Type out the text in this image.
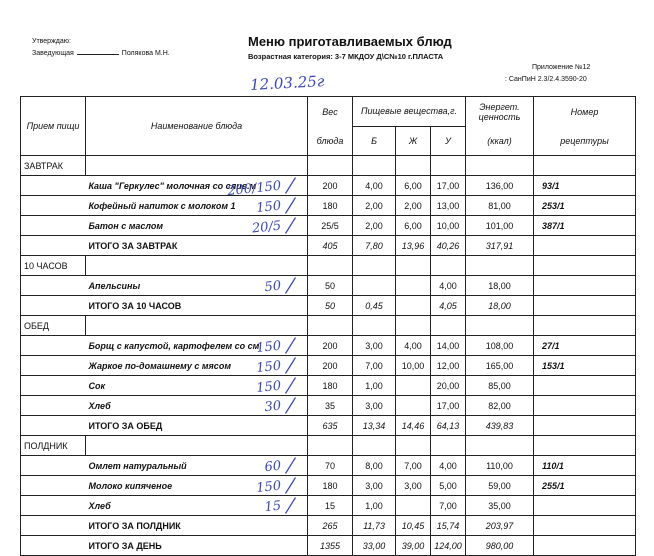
Утверждаю:
Заведующая	Полякова М.Н.
Меню приготавливаемых блюд
Возрастная категория: 3-7 МКДОУ Д\С№10 г.ПЛАСТА
Приложение №12
: СанПиН 2.3/2.4.3590-20
12.03.25г
Прием пищи	Наименование блюда	Вес	Пищевые вещества,г.			Энергет. ценность	Номер
		блюда	Б	Ж	У	(ккал)	рецептуры
ЗАВТРАК							
	Каша "Геркулес" молочная со слив.м	200	4,00	6,00	17,00	136,00	93/1
	Кофейный напиток с молоком 1	180	2,00	2,00	13,00	81,00	253/1
	Батон с маслом	25/5	2,00	6,00	10,00	101,00	387/1
	ИТОГО ЗА ЗАВТРАК	405	7,80	13,96	40,26	317,91	
10 ЧАСОВ							
	Апельсины	50			4,00	18,00	
	ИТОГО ЗА 10 ЧАСОВ	50	0,45		4,05	18,00	
ОБЕД							
	Борщ с капустой, картофелем со см	200	3,00	4,00	14,00	108,00	27/1
	Жаркое по-домашнему с мясом	200	7,00	10,00	12,00	165,00	153/1
	Сок	180	1,00		20,00	85,00	
	Хлеб	35	3,00		17,00	82,00	
	ИТОГО ЗА ОБЕД	635	13,34	14,46	64,13	439,83	
ПОЛДНИК							
	Омлет натуральный	70	8,00	7,00	4,00	110,00	110/1
	Молоко кипяченое	180	3,00	3,00	5,00	59,00	255/1
	Хлеб	15	1,00		7,00	35,00	
	ИТОГО ЗА ПОЛДНИК	265	11,73	10,45	15,74	203,97	
	ИТОГО ЗА ДЕНЬ	1355	33,00	39,00	124,00	980,00	
200/150
150
20/5
50
150
150
150
30
60
150
15
